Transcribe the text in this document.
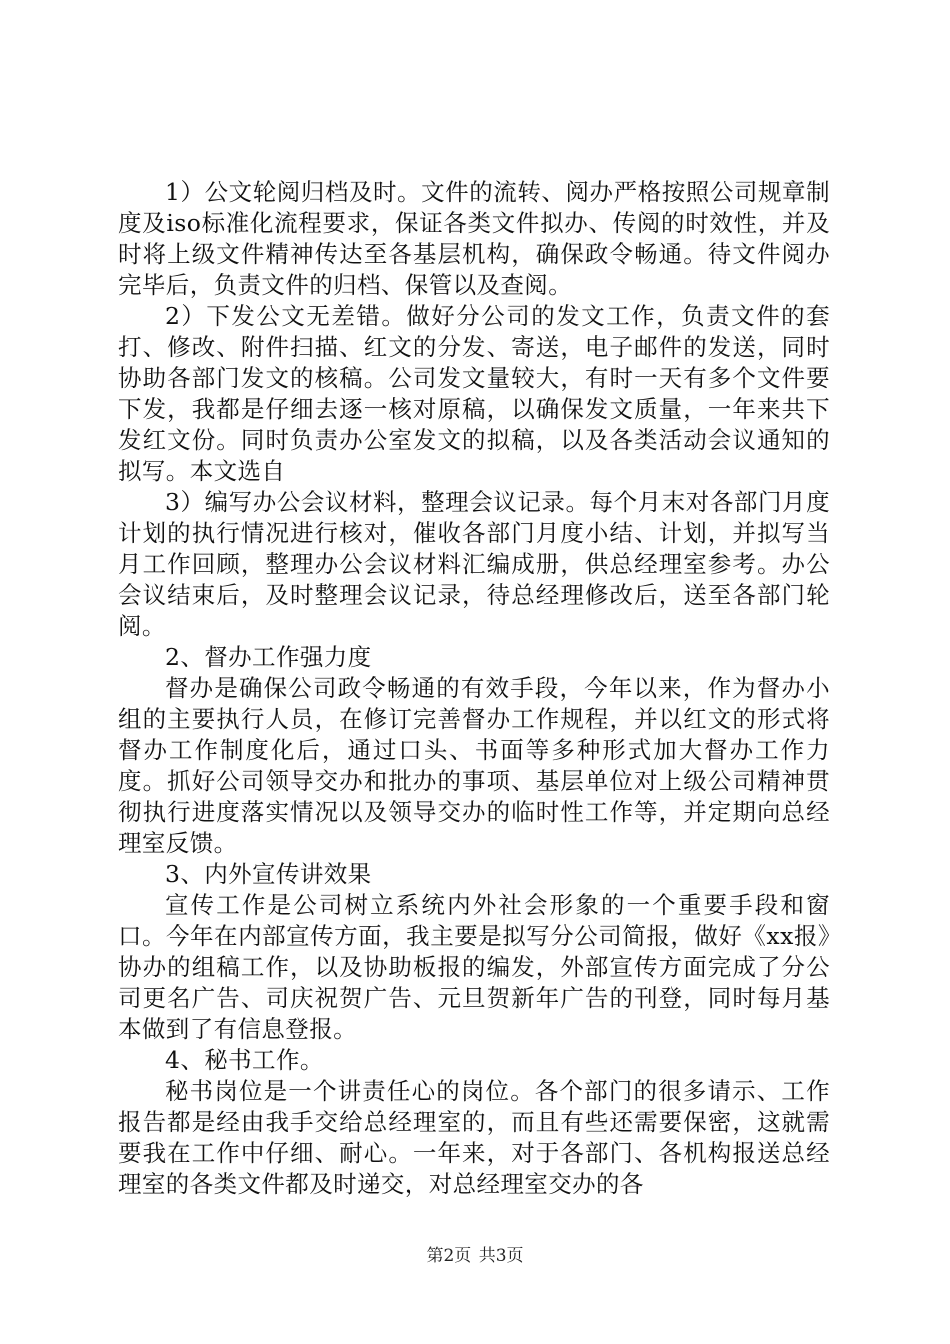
1）公文轮阅归档及时。文件的流转、阅办严格按照公司规章制度及iso标准化流程要求，保证各类文件拟办、传阅的时效性，并及时将上级文件精神传达至各基层机构，确保政令畅通。待文件阅办完毕后，负责文件的归档、保管以及查阅。

2）下发公文无差错。做好分公司的发文工作，负责文件的套打、修改、附件扫描、红文的分发、寄送，电子邮件的发送，同时协助各部门发文的核稿。公司发文量较大，有时一天有多个文件要下发，我都是仔细去逐一核对原稿，以确保发文质量，一年来共下发红文份。同时负责办公室发文的拟稿，以及各类活动会议通知的拟写。本文选自

3）编写办公会议材料，整理会议记录。每个月末对各部门月度计划的执行情况进行核对，催收各部门月度小结、计划，并拟写当月工作回顾，整理办公会议材料汇编成册，供总经理室参考。办公会议结束后，及时整理会议记录，待总经理修改后，送至各部门轮阅。

2、督办工作强力度

督办是确保公司政令畅通的有效手段，今年以来，作为督办小组的主要执行人员，在修订完善督办工作规程，并以红文的形式将督办工作制度化后，通过口头、书面等多种形式加大督办工作力度。抓好公司领导交办和批办的事项、基层单位对上级公司精神贯彻执行进度落实情况以及领导交办的临时性工作等，并定期向总经理室反馈。

3、内外宣传讲效果

宣传工作是公司树立系统内外社会形象的一个重要手段和窗口。今年在内部宣传方面，我主要是拟写分公司简报，做好《xx报》协办的组稿工作，以及协助板报的编发，外部宣传方面完成了分公司更名广告、司庆祝贺广告、元旦贺新年广告的刊登，同时每月基本做到了有信息登报。

4、秘书工作。

秘书岗位是一个讲责任心的岗位。各个部门的很多请示、工作报告都是经由我手交给总经理室的，而且有些还需要保密，这就需要我在工作中仔细、耐心。一年来，对于各部门、各机构报送总经理室的各类文件都及时递交，对总经理室交办的各

第2页 共3页
